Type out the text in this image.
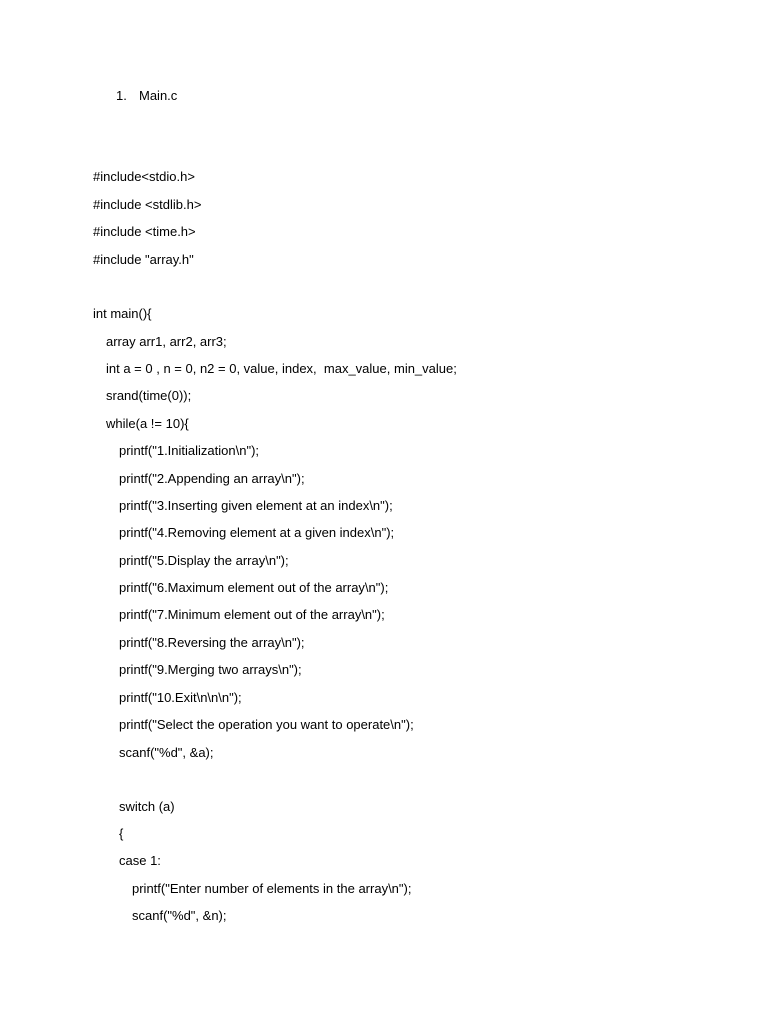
1. Main.c
#include<stdio.h>
#include <stdlib.h>
#include <time.h>
#include "array.h"
int main(){
array arr1, arr2, arr3;
int a = 0 , n = 0, n2 = 0, value, index,  max_value, min_value;
srand(time(0));
while(a != 10){
printf("1.Initialization\n");
printf("2.Appending an array\n");
printf("3.Inserting given element at an index\n");
printf("4.Removing element at a given index\n");
printf("5.Display the array\n");
printf("6.Maximum element out of the array\n");
printf("7.Minimum element out of the array\n");
printf("8.Reversing the array\n");
printf("9.Merging two arrays\n");
printf("10.Exit\n\n\n");
printf("Select the operation you want to operate\n");
scanf("%d", &a);
switch (a)
{
case 1:
printf("Enter number of elements in the array\n");
scanf("%d", &n);
